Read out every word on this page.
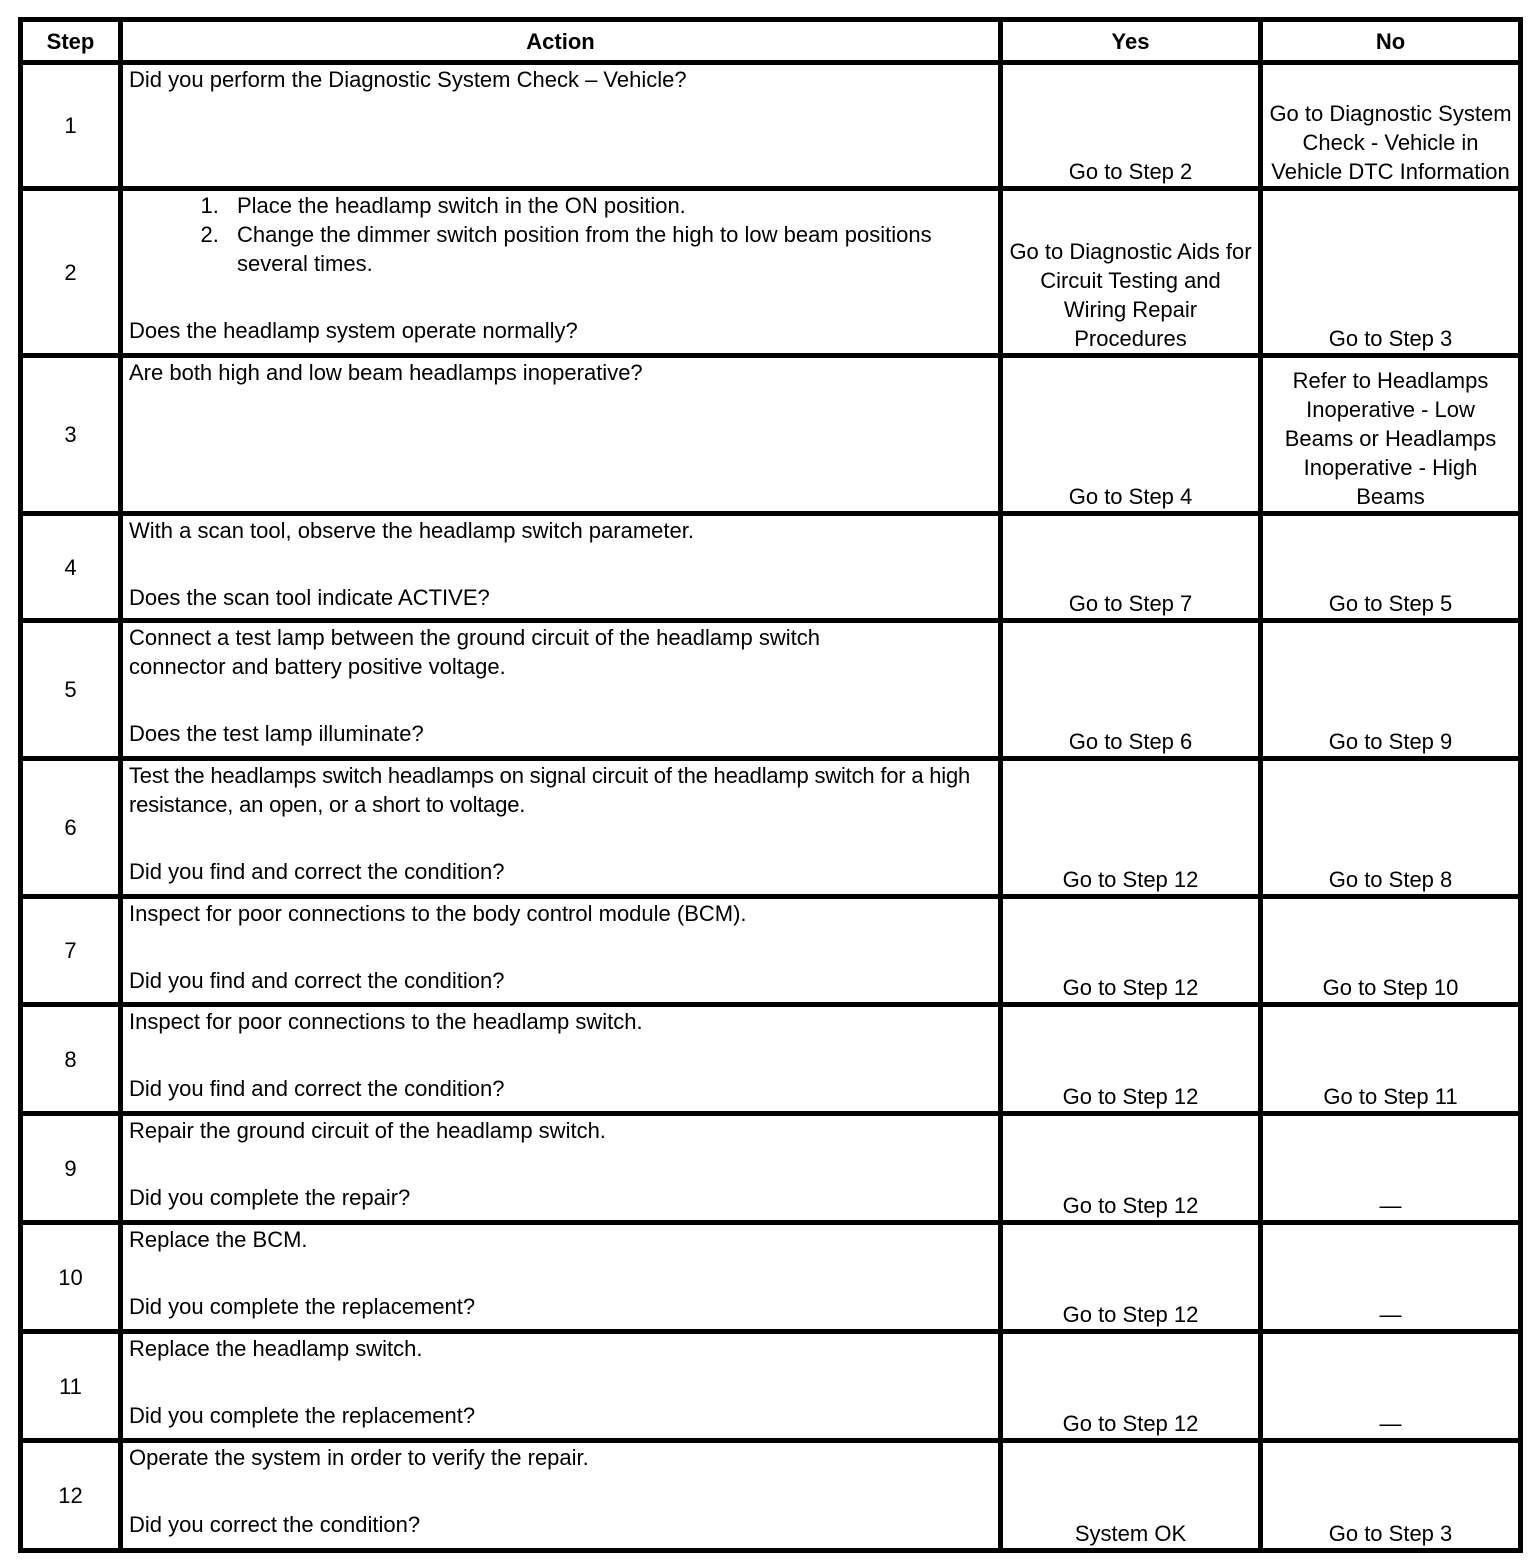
Step	Action	Yes	No
1	Did you perform the Diagnostic System Check – Vehicle?	Go to Step 2	Go to Diagnostic System Check - Vehicle in Vehicle DTC Information
2	
1. Place the headlamp switch in the ON position.
2. Change the dimmer switch position from the high to low beam positions several times.
Does the headlamp system operate normally?
	Go to Diagnostic Aids for Circuit Testing and Wiring Repair Procedures	Go to Step 3
3	Are both high and low beam headlamps inoperative?	Go to Step 4	Refer to Headlamps Inoperative - Low Beams or Headlamps Inoperative - High Beams
4	With a scan tool, observe the headlamp switch parameter.
Does the scan tool indicate ACTIVE?	Go to Step 7	Go to Step 5
5	Connect a test lamp between the ground circuit of the headlamp switch connector and battery positive voltage.
Does the test lamp illuminate?	Go to Step 6	Go to Step 9
6	Test the headlamps switch headlamps on signal circuit of the headlamp switch for a high resistance, an open, or a short to voltage.
Did you find and correct the condition?	Go to Step 12	Go to Step 8
7	Inspect for poor connections to the body control module (BCM).
Did you find and correct the condition?	Go to Step 12	Go to Step 10
8	Inspect for poor connections to the headlamp switch.
Did you find and correct the condition?	Go to Step 12	Go to Step 11
9	Repair the ground circuit of the headlamp switch.
Did you complete the repair?	Go to Step 12	—
10	Replace the BCM.
Did you complete the replacement?	Go to Step 12	—
11	Replace the headlamp switch.
Did you complete the replacement?	Go to Step 12	—
12	Operate the system in order to verify the repair.
Did you correct the condition?	System OK	Go to Step 3
